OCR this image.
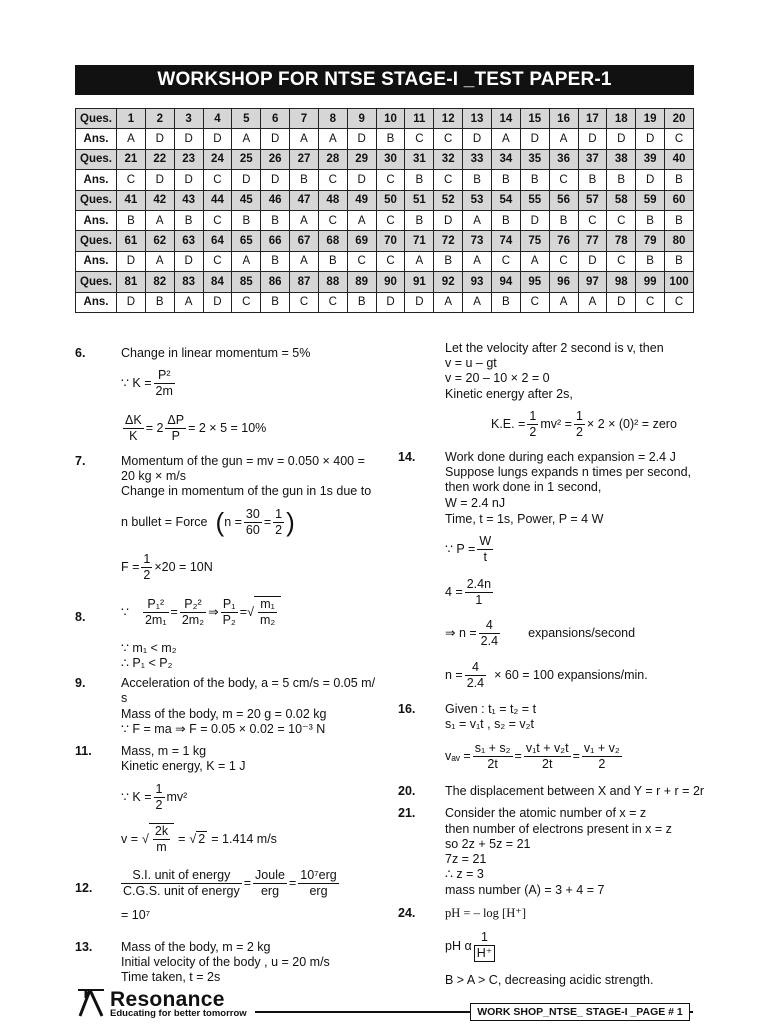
WORKSHOP FOR NTSE STAGE-I _TEST PAPER-1
Ques.	1	2	3	4	5	6	7	8	9	10	11	12	13	14	15	16	17	18	19	20
Ans.	A	D	D	D	A	D	A	A	D	B	C	C	D	A	D	A	D	D	D	C
Ques.	21	22	23	24	25	26	27	28	29	30	31	32	33	34	35	36	37	38	39	40
Ans.	C	D	D	C	D	D	B	C	D	C	B	C	B	B	B	C	B	B	D	B
Ques.	41	42	43	44	45	46	47	48	49	50	51	52	53	54	55	56	57	58	59	60
Ans.	B	A	B	C	B	B	A	C	A	C	B	D	A	B	D	B	C	C	B	B
Ques.	61	62	63	64	65	66	67	68	69	70	71	72	73	74	75	76	77	78	79	80
Ans.	D	A	D	C	A	B	A	B	C	C	A	B	A	C	A	C	D	C	B	B
Ques.	81	82	83	84	85	86	87	88	89	90	91	92	93	94	95	96	97	98	99	100
Ans.	D	B	A	D	C	B	C	C	B	D	D	A	A	B	C	A	A	D	C	C
6.	Change in linear momentum = 5%
∵ $K = \frac{\text{P²}}{2m}$
$\frac{\Delta K}{K} = 2 \frac{\Delta P}{P} = 2 \times 5 = 10\%$
7.	Momentum of the gun = mv = 0.050 × 400 =
20 kg × m/s
Change in momentum of the gun in 1s due to
n bullet = Force ( $n = \frac{30}{60} = \frac{1}{2}$ )
$F = \frac{1}{2} \times 20 = 10N$
8.	∵ $\frac{\text{P₁²}}{\text{2m₁}} = \frac{\text{P₂²}}{\text{2m₂}}$ ⇒ $\frac{\text{P₁}}{\text{P₂}}$ = √ $\frac{\text{m₁}}{\text{m₂}}$
∵ m₁ < m₂
∴ P₁ < P₂
9.	Acceleration of the body, a = 5 cm/s = 0.05 m/
s
Mass of the body, m = 20 g = 0.02 kg
∵ F = ma ⇒ F = 0.05 × 0.02 = 10⁻³ N
11. Mass, m = 1 kg
Kinetic energy, K = 1 J
∵ $K = \frac{1}{2} mv^2$
v = √ $\frac{2k}{m}$ = √ 2 = 1.414 m/s
12. $\frac{\text{S.I. unit of energy}}{\text{C.G.S. unit of energy}} = \frac{\text{Joule}}{\text{erg}} = \frac{\text{10⁷erg}}{\text{erg}}$
= 10⁷
13. Mass of the body, m = 2 kg
Initial velocity of the body , u = 20 m/s
Time taken, t = 2s
Let the velocity after 2 second is v, then
v = u – gt
v = 20 – 10 × 2 = 0
Kinetic energy after 2s,
K.E. = $\frac{1}{2} mv^2 = \frac{1}{2} \times 2 \times (0)^2$ = zero
14. Work done during each expansion = 2.4 J
Suppose lungs expands n times per second,
then work done in 1 second,
W = 2.4 nJ
Time, t = 1s, Power, P = 4 W
∵ $P = \frac{W}{t}$
$4 = \frac{2.4n}{1}$
⇒ $n = \frac{4}{2.4}$ expansions/second
$n = \frac{4}{2.4} \times 60 = 100$ expansions/min.
16. Given : t₁ = t₂ = t
s₁ = v₁t , s₂ = v₂t
vₐᵥ = $\frac{\text{s₁ + s₂}}{2t} = \frac{\text{v₁t + v₂t}}{2t} = \frac{\text{v₁ + v₂}}{2}$
20. The displacement between X and Y = r + r = 2r
21. Consider the atomic number of x = z
then number of electrons present in x = z
so 2z + 5z = 21
7z = 21
∴ z = 3
mass number (A) = 3 + 4 = 7
24. pH = – log [H⁺]
pH α $\frac{1}{H^+}$
B > A > C, decreasing acidic strength.
Resonance
Educating for better tomorrow	WORK SHOP_NTSE_ STAGE-I _PAGE # 1
